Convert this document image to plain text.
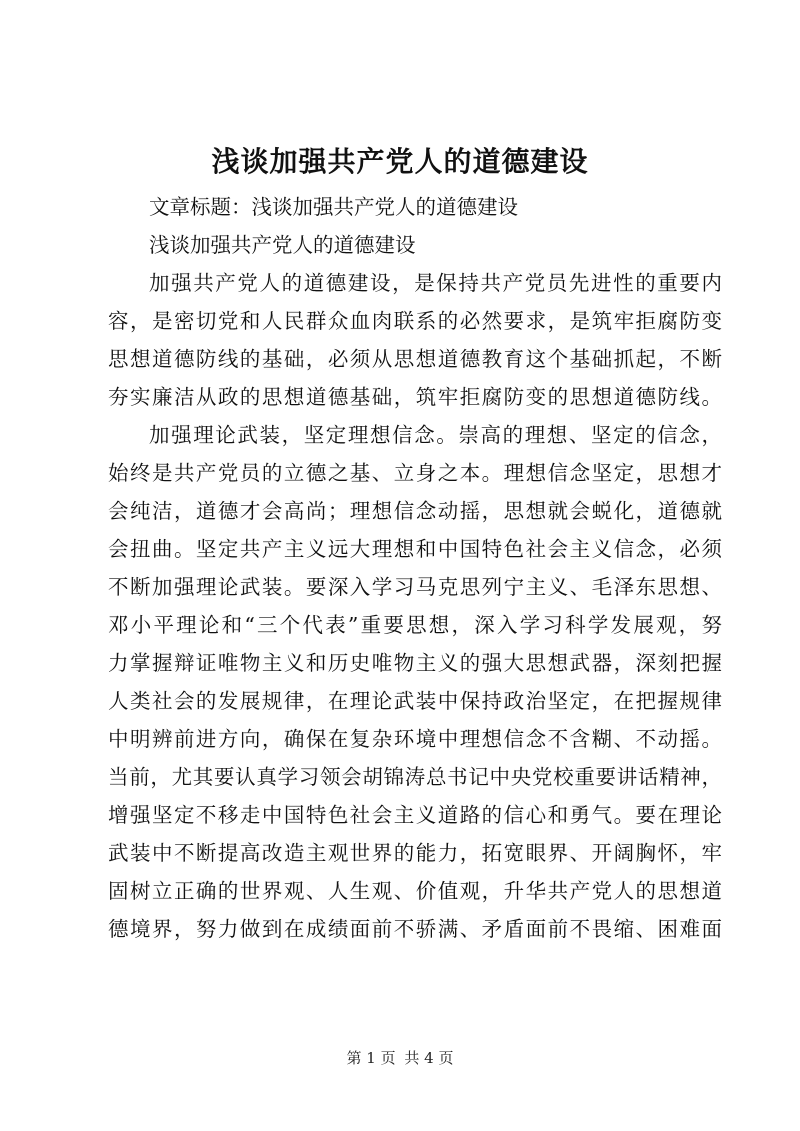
浅谈加强共产党人的道德建设
文章标题：浅谈加强共产党人的道德建设
浅谈加强共产党人的道德建设
加强共产党人的道德建设，是保持共产党员先进性的重要内
容，是密切党和人民群众血肉联系的必然要求，是筑牢拒腐防变
思想道德防线的基础，必须从思想道德教育这个基础抓起，不断
夯实廉洁从政的思想道德基础，筑牢拒腐防变的思想道德防线。
加强理论武装，坚定理想信念。崇高的理想、坚定的信念，
始终是共产党员的立德之基、立身之本。理想信念坚定，思想才
会纯洁，道德才会高尚；理想信念动摇，思想就会蜕化，道德就
会扭曲。坚定共产主义远大理想和中国特色社会主义信念，必须
不断加强理论武装。要深入学习马克思列宁主义、毛泽东思想、
邓小平理论和“三个代表”重要思想，深入学习科学发展观，努
力掌握辩证唯物主义和历史唯物主义的强大思想武器，深刻把握
人类社会的发展规律，在理论武装中保持政治坚定，在把握规律
中明辨前进方向，确保在复杂环境中理想信念不含糊、不动摇。
当前，尤其要认真学习领会胡锦涛总书记中央党校重要讲话精神，
增强坚定不移走中国特色社会主义道路的信心和勇气。要在理论
武装中不断提高改造主观世界的能力，拓宽眼界、开阔胸怀，牢
固树立正确的世界观、人生观、价值观，升华共产党人的思想道
德境界，努力做到在成绩面前不骄满、矛盾面前不畏缩、困难面
第 1 页 共 4 页
